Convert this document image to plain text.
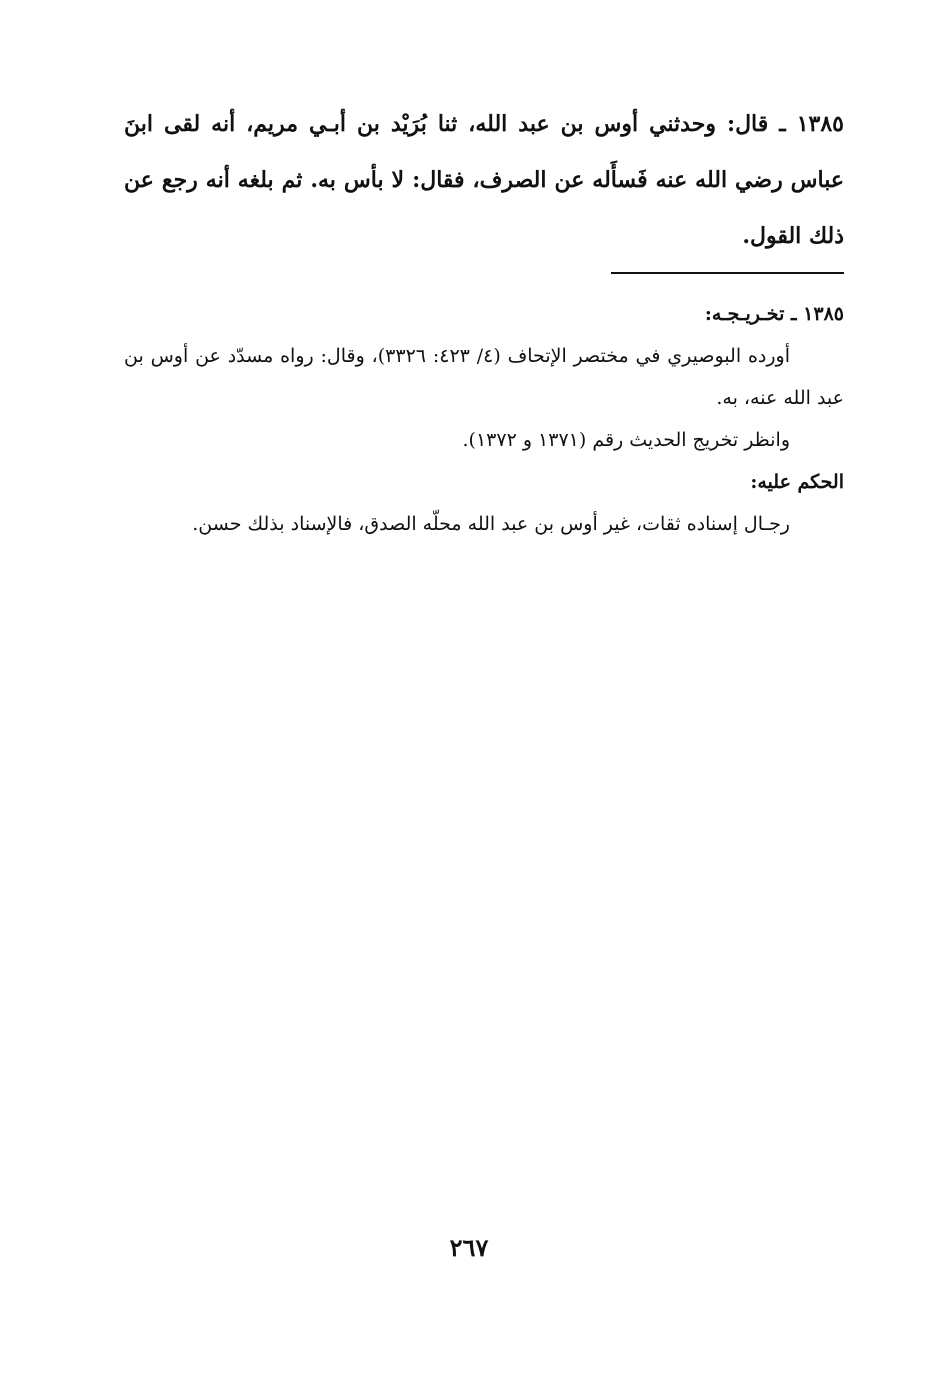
١٣٨٥ ـ قال: وحدثني أوس بن عبد الله، ثنا بُرَيْد بن أبـي مريم، أنه لقى ابنَ عباس رضي الله عنه فَسأَله عن الصرف، فقال: لا بأس به. ثم بلغه أنه رجع عن ذلك القول.
١٣٨٥ ـ تخـريـجـه:
أورده البوصيري في مختصر الإتحاف (٤/ ٤٢٣: ٣٣٢٦)، وقال: رواه مسدّد عن أوس بن عبد الله عنه، به.
وانظر تخريج الحديث رقم (١٣٧١ و ١٣٧٢).
الحكم عليه:
رجـال إسناده ثقات، غير أوس بن عبد الله محلّه الصدق، فالإسناد بذلك حسن.
٢٦٧
